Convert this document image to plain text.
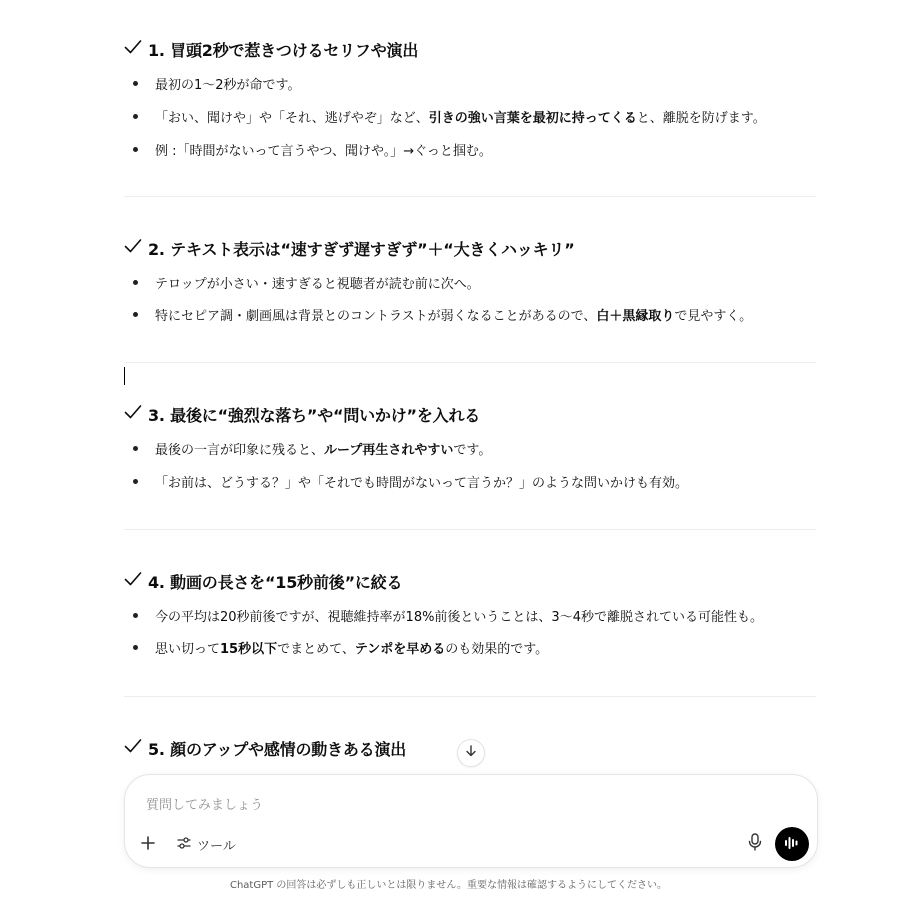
1. 冒頭2秒で惹きつけるセリフや演出
最初の1〜2秒が命です。
「おい、聞けや」や「それ、逃げやぞ」など、引きの強い言葉を最初に持ってくると、離脱を防げます。
例 :「時間がないって言うやつ、聞けや。」→ぐっと掴む。
2. テキスト表示は“速すぎず遅すぎず”＋“大きくハッキリ”
テロップが小さい・速すぎると視聴者が読む前に次へ。
特にセピア調・劇画風は背景とのコントラストが弱くなることがあるので、白＋黒縁取りで見やすく。
3. 最後に“強烈な落ち”や“問いかけ”を入れる
最後の一言が印象に残ると、ループ再生されやすいです。
「お前は、どうする？」や「それでも時間がないって言うか？」のような問いかけも有効。
4. 動画の長さを“15秒前後”に絞る
今の平均は20秒前後ですが、視聴維持率が18%前後ということは、3〜4秒で離脱されている可能性も。
思い切って15秒以下でまとめて、テンポを早めるのも効果的です。
5. 顔のアップや感情の動きある演出
質問してみましょう
ツール
ChatGPT の回答は必ずしも正しいとは限りません。重要な情報は確認するようにしてください。
